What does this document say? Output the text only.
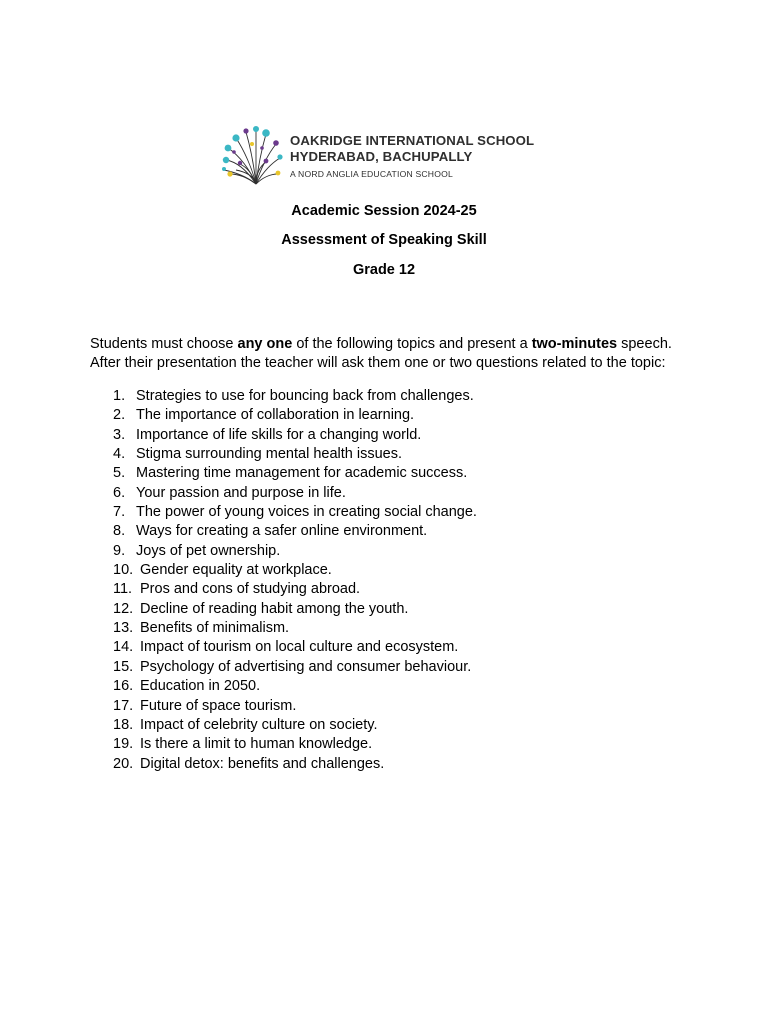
OAKRIDGE INTERNATIONAL SCHOOL
HYDERABAD, BACHUPALLY
A NORD ANGLIA EDUCATION SCHOOL
Academic Session 2024-25
Assessment of Speaking Skill
Grade 12

Students must choose any one of the following topics and present a two-minutes speech. After their presentation the teacher will ask them one or two questions related to the topic:

1. Strategies to use for bouncing back from challenges.
2. The importance of collaboration in learning.
3. Importance of life skills for a changing world.
4. Stigma surrounding mental health issues.
5. Mastering time management for academic success.
6. Your passion and purpose in life.
7. The power of young voices in creating social change.
8. Ways for creating a safer online environment.
9. Joys of pet ownership.
10. Gender equality at workplace.
11. Pros and cons of studying abroad.
12. Decline of reading habit among the youth.
13. Benefits of minimalism.
14. Impact of tourism on local culture and ecosystem.
15. Psychology of advertising and consumer behaviour.
16. Education in 2050.
17. Future of space tourism.
18. Impact of celebrity culture on society.
19. Is there a limit to human knowledge.
20. Digital detox: benefits and challenges.
